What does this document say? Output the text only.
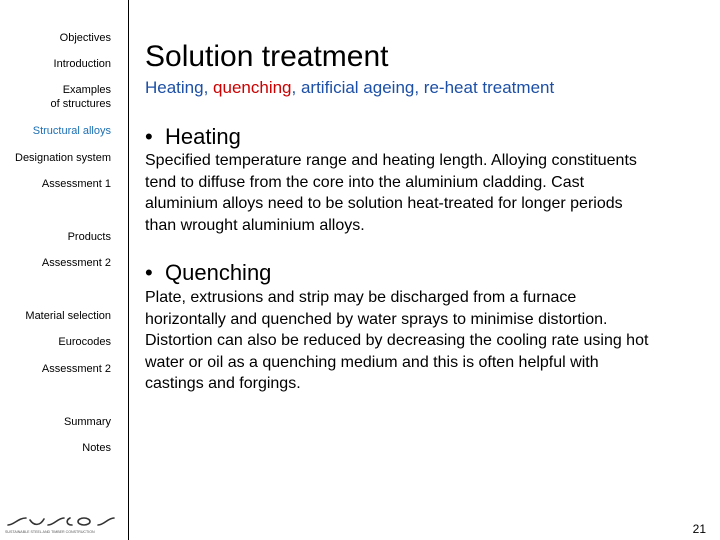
Objectives
Introduction
Examples
of structures
Structural alloys
Designation system
Assessment 1
Products
Assessment 2
Material selection
Eurocodes
Assessment 2
Summary
Notes
SUSTAINABLE STEEL AND TIMBER CONSTRUCTION
Solution treatment
Heating, quenching, artificial ageing, re-heat treatment
• Heating
Specified temperature range and heating length. Alloying constituents
tend to diffuse from the core into the aluminium cladding. Cast
aluminium alloys need to be solution heat-treated for longer periods
than wrought aluminium alloys.
• Quenching
Plate, extrusions and strip may be discharged from a furnace
horizontally and quenched by water sprays to minimise distortion.
Distortion can also be reduced by decreasing the cooling rate using hot
water or oil as a quenching medium and this is often helpful with
castings and forgings.
21
